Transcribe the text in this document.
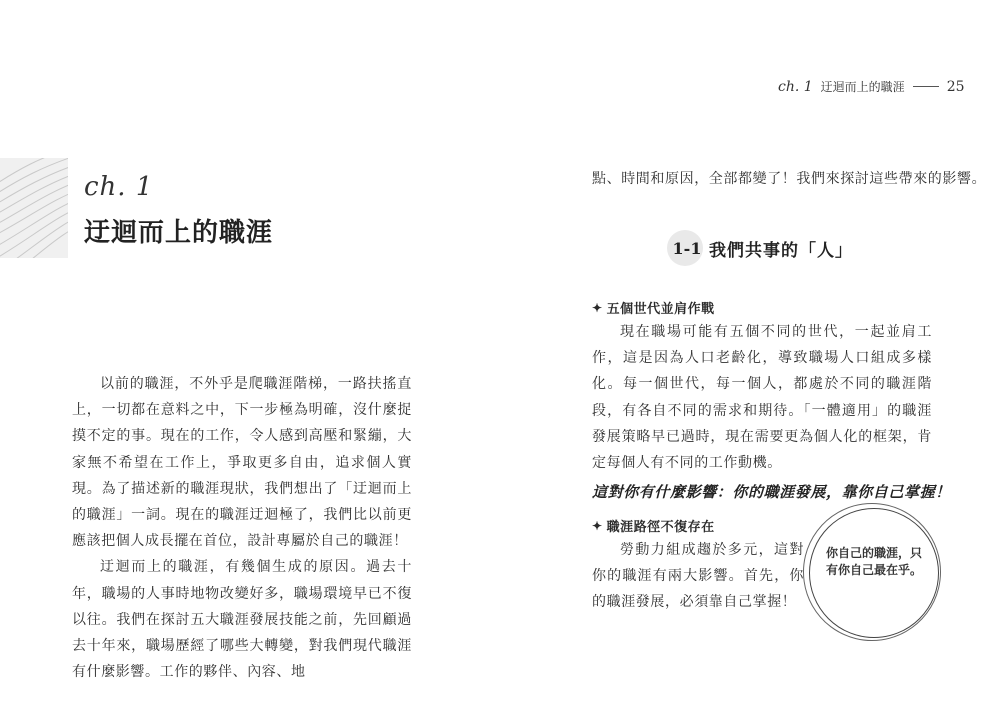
ch. 1
迂迴而上的職涯

以前的職涯，不外乎是爬職涯階梯，一路扶搖直上，一切都在意料之中，下一步極為明確，沒什麼捉摸不定的事。現在的工作，令人感到高壓和緊繃，大家無不希望在工作上，爭取更多自由，追求個人實現。為了描述新的職涯現狀，我們想出了「迂迴而上的職涯」一詞。現在的職涯迂迴極了，我們比以前更應該把個人成長擺在首位，設計專屬於自己的職涯！

迂迴而上的職涯，有幾個生成的原因。過去十年，職場的人事時地物改變好多，職場環境早已不復以往。我們在探討五大職涯發展技能之前，先回顧過去十年來，職場歷經了哪些大轉變，對我們現代職涯有什麼影響。工作的夥伴、內容、地

ch. 1 迂迴而上的職涯	25
點、時間和原因，全部都變了！我們來探討這些帶來的影響。
1-1 我們共事的「人」
✦ 五個世代並肩作戰

現在職場可能有五個不同的世代，一起並肩工作，這是因為人口老齡化，導致職場人口組成多樣化。每一個世代，每一個人，都處於不同的職涯階段，有各自不同的需求和期待。「一體適用」的職涯發展策略早已過時，現在需要更為個人化的框架，肯定每個人有不同的工作動機。

這對你有什麼影響：你的職涯發展，靠你自己掌握！
✦ 職涯路徑不復存在

勞動力組成趨於多元，這對你的職涯有兩大影響。首先，你的職涯發展，必須靠自己掌握！

你自己的職涯，只有你自己最在乎。
